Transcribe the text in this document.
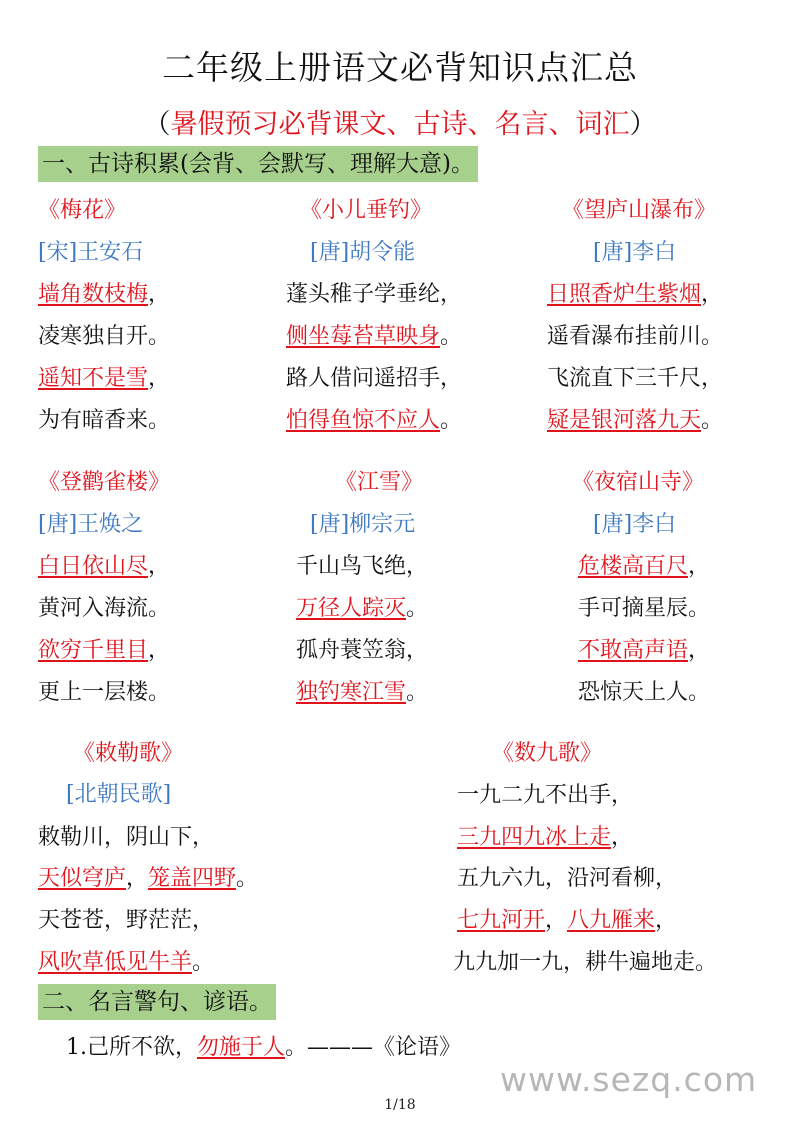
二年级上册语文必背知识点汇总
（暑假预习必背课文、古诗、名言、词汇）
一、古诗积累(会背、会默写、理解大意)。
《梅花》
[宋]王安石
墙角数枝梅，
凌寒独自开。
遥知不是雪，
为有暗香来。
《小儿垂钓》
[唐]胡令能
蓬头稚子学垂纶，
侧坐莓苔草映身。
路人借问遥招手，
怕得鱼惊不应人。
《望庐山瀑布》
[唐]李白
日照香炉生紫烟，
遥看瀑布挂前川。
飞流直下三千尺，
疑是银河落九天。
《登鹳雀楼》
[唐]王焕之
白日依山尽，
黄河入海流。
欲穷千里目，
更上一层楼。
《江雪》
[唐]柳宗元
千山鸟飞绝，
万径人踪灭。
孤舟蓑笠翁，
独钓寒江雪。
《夜宿山寺》
[唐]李白
危楼高百尺，
手可摘星辰。
不敢高声语，
恐惊天上人。
《敕勒歌》
[北朝民歌]
敕勒川，阴山下，
天似穹庐，笼盖四野。
天苍苍，野茫茫，
风吹草低见牛羊。
《数九歌》
一九二九不出手，
三九四九冰上走，
五九六九，沿河看柳，
七九河开，八九雁来，
九九加一九，耕牛遍地走。
二、名言警句、谚语。
1.己所不欲，勿施于人。———《论语》
www.sezq.com
1/18
